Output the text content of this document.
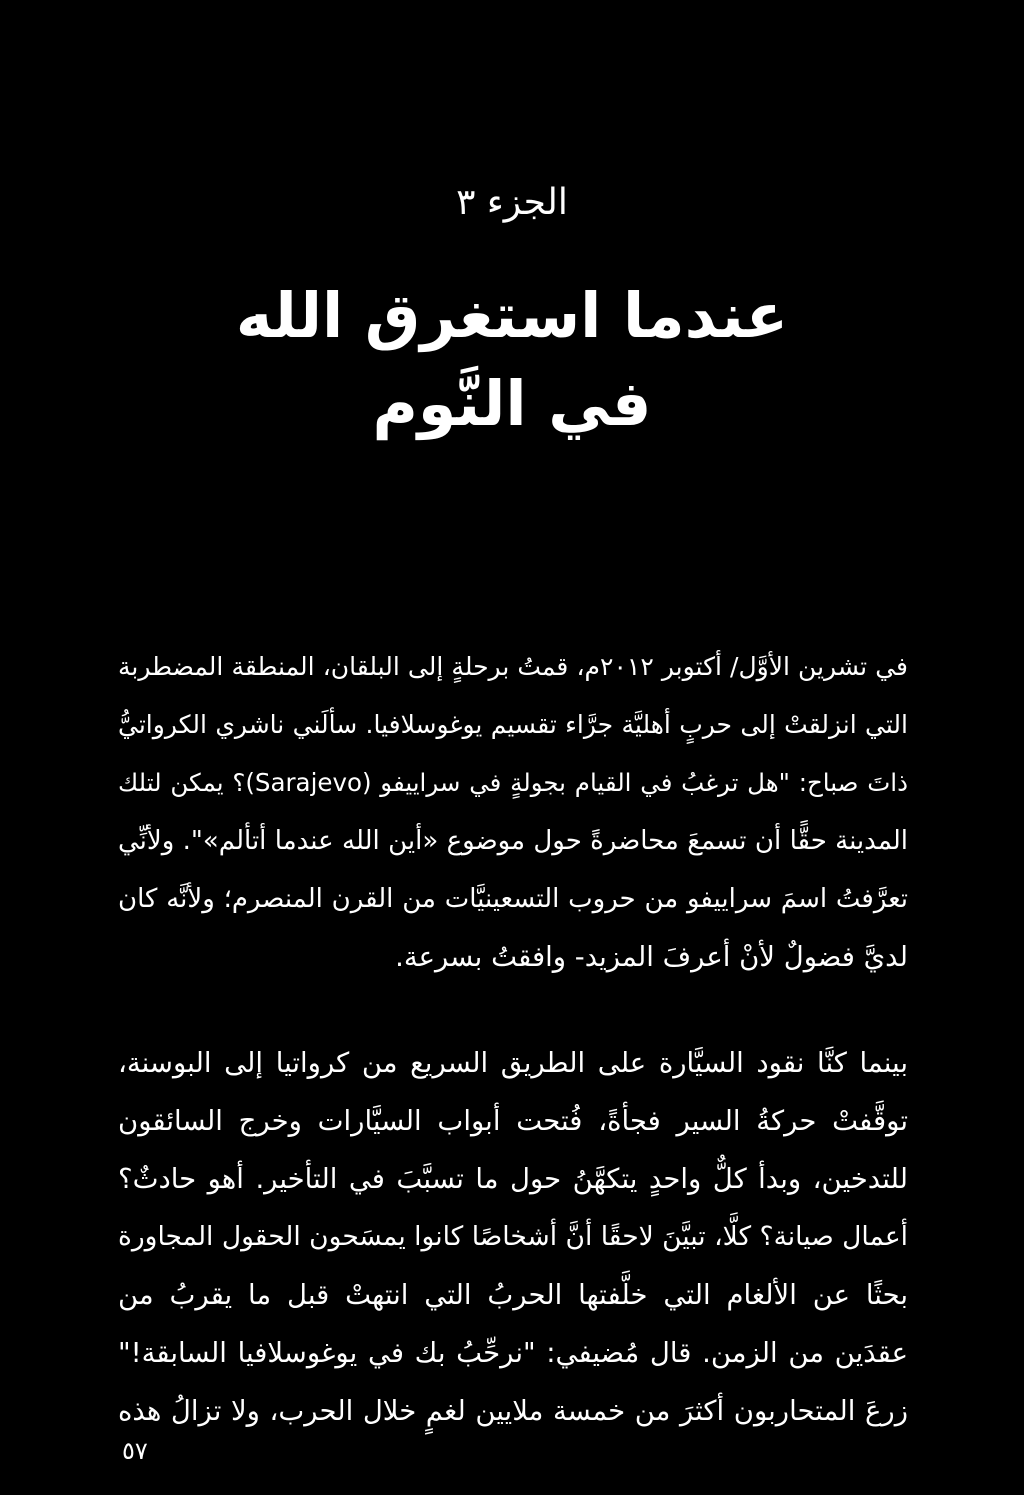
الجزء ٣
عندما استغرق الله
في النَّوم
في تشرين الأوَّل/ أكتوبر ٢٠١٢م، قمتُ برحلةٍ إلى البلقان، المنطقة المضطربة
التي انزلقتْ إلى حربٍ أهليَّة جرَّاء تقسيم يوغوسلافيا. سألَني ناشري الكرواتيُّ
ذاتَ صباح: "هل ترغبُ في القيام بجولةٍ في سراييفو (Sarajevo)؟ يمكن لتلك
المدينة حقًّا أن تسمعَ محاضرةً حول موضوع «أين الله عندما أتألم»". ولأنِّي
تعرَّفتُ اسمَ سراييفو من حروب التسعينيَّات من القرن المنصرم؛ ولأنَّه كان
لديَّ فضولٌ لأنْ أعرفَ المزيد- وافقتُ بسرعة.
بينما كنَّا نقود السيَّارة على الطريق السريع من كرواتيا إلى البوسنة،
توقَّفتْ حركةُ السير فجأةً، فُتحت أبواب السيَّارات وخرج السائقون
للتدخين، وبدأ كلٌّ واحدٍ يتكهَّنُ حول ما تسبَّبَ في التأخير. أهو حادثٌ؟
أعمال صيانة؟ كلَّا، تبيَّنَ لاحقًا أنَّ أشخاصًا كانوا يمسَحون الحقول المجاورة
بحثًا عن الألغام التي خلَّفتها الحربُ التي انتهتْ قبل ما يقربُ من
عقدَين من الزمن. قال مُضيفي: "نرحِّبُ بك في يوغوسلافيا السابقة!"
زرعَ المتحاربون أكثرَ من خمسة ملايين لغمٍ خلال الحرب، ولا تزالُ هذه
٥٧
